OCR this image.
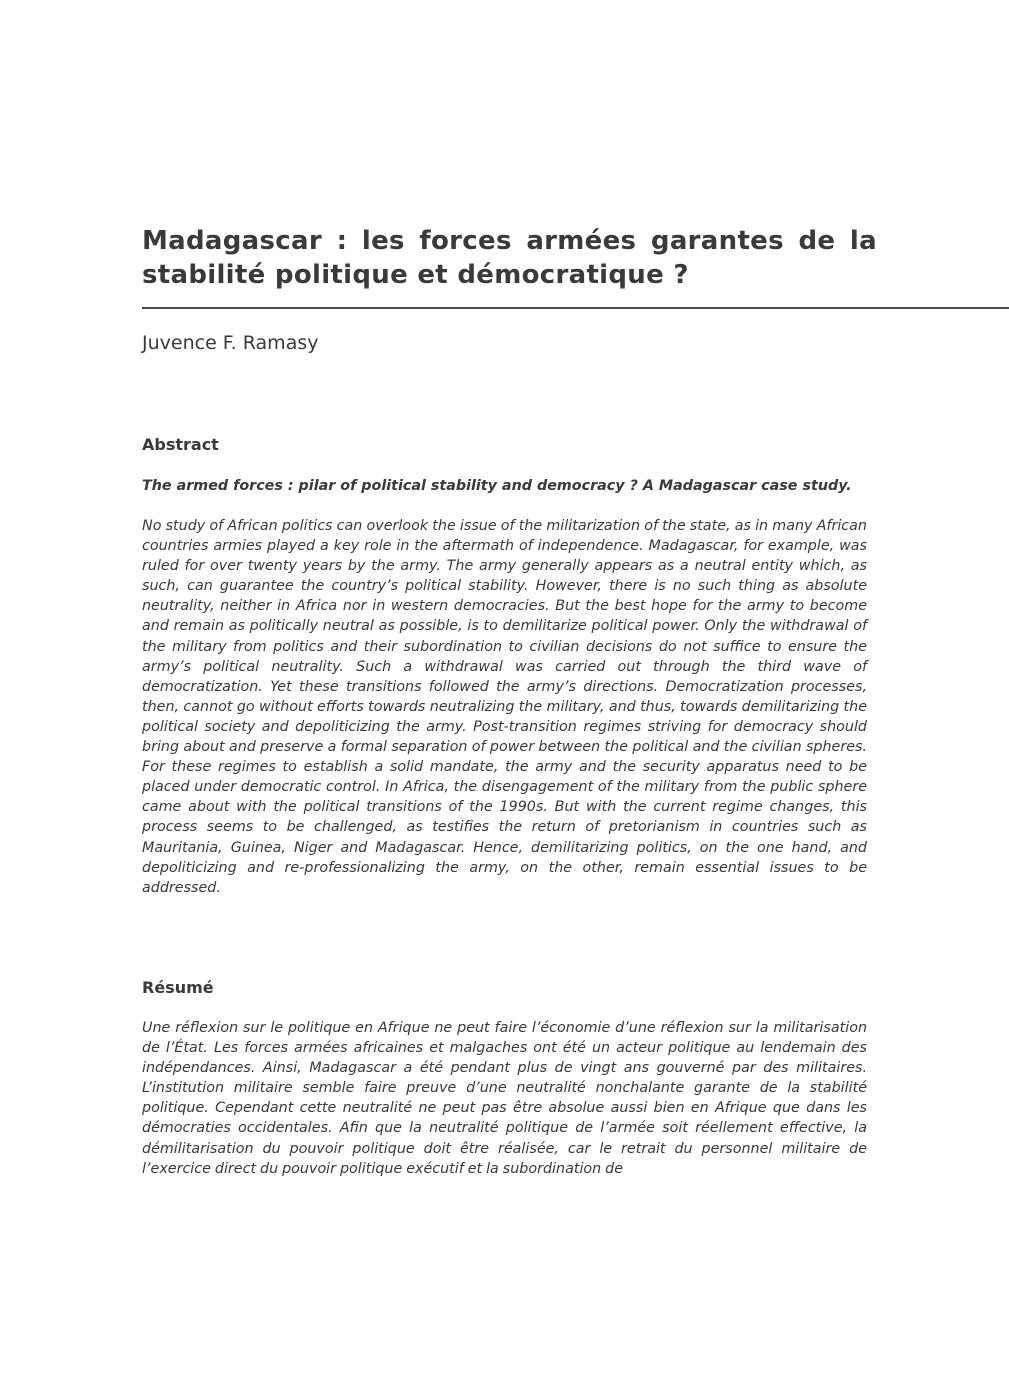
Madagascar : les forces armées garantes de la stabilité politique et démocratique ?

Juvence F. Ramasy

Abstract

The armed forces : pilar of political stability and democracy ? A Madagascar case study.

No study of African politics can overlook the issue of the militarization of the state, as in many African countries armies played a key role in the aftermath of independence. Madagascar, for example, was ruled for over twenty years by the army. The army generally appears as a neutral entity which, as such, can guarantee the country’s political stability. However, there is no such thing as absolute neutrality, neither in Africa nor in western democracies. But the best hope for the army to become and remain as politically neutral as possible, is to demilitarize political power. Only the withdrawal of the military from politics and their subordination to civilian decisions do not suffice to ensure the army’s political neutrality. Such a withdrawal was carried out through the third wave of democratization. Yet these transitions followed the army’s directions. Democratization processes, then, cannot go without efforts towards neutralizing the military, and thus, towards demilitarizing the political society and depoliticizing the army. Post-transition regimes striving for democracy should bring about and preserve a formal separation of power between the political and the civilian spheres. For these regimes to establish a solid mandate, the army and the security apparatus need to be placed under democratic control. In Africa, the disengagement of the military from the public sphere came about with the political transitions of the 1990s. But with the current regime changes, this process seems to be challenged, as testifies the return of pretorianism in countries such as Mauritania, Guinea, Niger and Madagascar. Hence, demilitarizing politics, on the one hand, and depoliticizing and re-professionalizing the army, on the other, remain essential issues to be addressed.

Résumé

Une réflexion sur le politique en Afrique ne peut faire l’économie d’une réflexion sur la militarisation de l’État. Les forces armées africaines et malgaches ont été un acteur politique au lendemain des indépendances. Ainsi, Madagascar a été pendant plus de vingt ans gouverné par des militaires. L’institution militaire semble faire preuve d’une neutralité nonchalante garante de la stabilité politique. Cependant cette neutralité ne peut pas être absolue aussi bien en Afrique que dans les démocraties occidentales. Afin que la neutralité politique de l’armée soit réellement effective, la démilitarisation du pouvoir politique doit être réalisée, car le retrait du personnel militaire de l’exercice direct du pouvoir politique exécutif et la subordination de
